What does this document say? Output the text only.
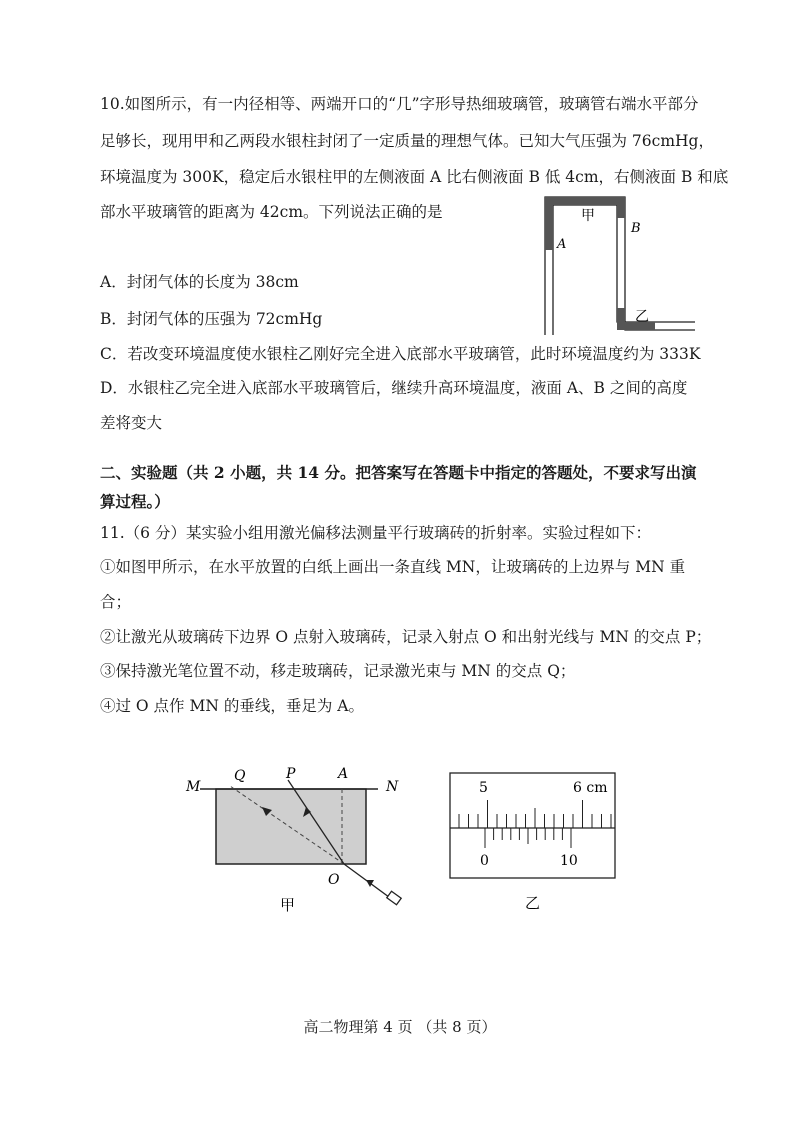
10.如图所示，有一内径相等、两端开口的“几”字形导热细玻璃管，玻璃管右端水平部分
足够长，现用甲和乙两段水银柱封闭了一定质量的理想气体。已知大气压强为 76cmHg，
环境温度为 300K，稳定后水银柱甲的左侧液面 A 比右侧液面 B 低 4cm，右侧液面 B 和底
部水平玻璃管的距离为 42cm。下列说法正确的是
A．封闭气体的长度为 38cm
B．封闭气体的压强为 72cmHg
C．若改变环境温度使水银柱乙刚好完全进入底部水平玻璃管，此时环境温度约为 333K
D．水银柱乙完全进入底部水平玻璃管后，继续升高环境温度，液面 A、B 之间的高度
差将变大
甲
A
B
乙
二、实验题（共 2 小题，共 14 分。把答案写在答题卡中指定的答题处，不要求写出演
算过程。）
11.（6 分）某实验小组用激光偏移法测量平行玻璃砖的折射率。实验过程如下：
①如图甲所示，在水平放置的白纸上画出一条直线 MN，让玻璃砖的上边界与 MN 重
合；
②让激光从玻璃砖下边界 O 点射入玻璃砖，记录入射点 O 和出射光线与 MN 的交点 P；
③保持激光笔位置不动，移走玻璃砖，记录激光束与 MN 的交点 Q；
④过 O 点作 MN 的垂线，垂足为 A。
M
Q	P	A
N
O
甲
5	6 cm
0	10
乙
高二物理第 4 页 （共 8 页）
